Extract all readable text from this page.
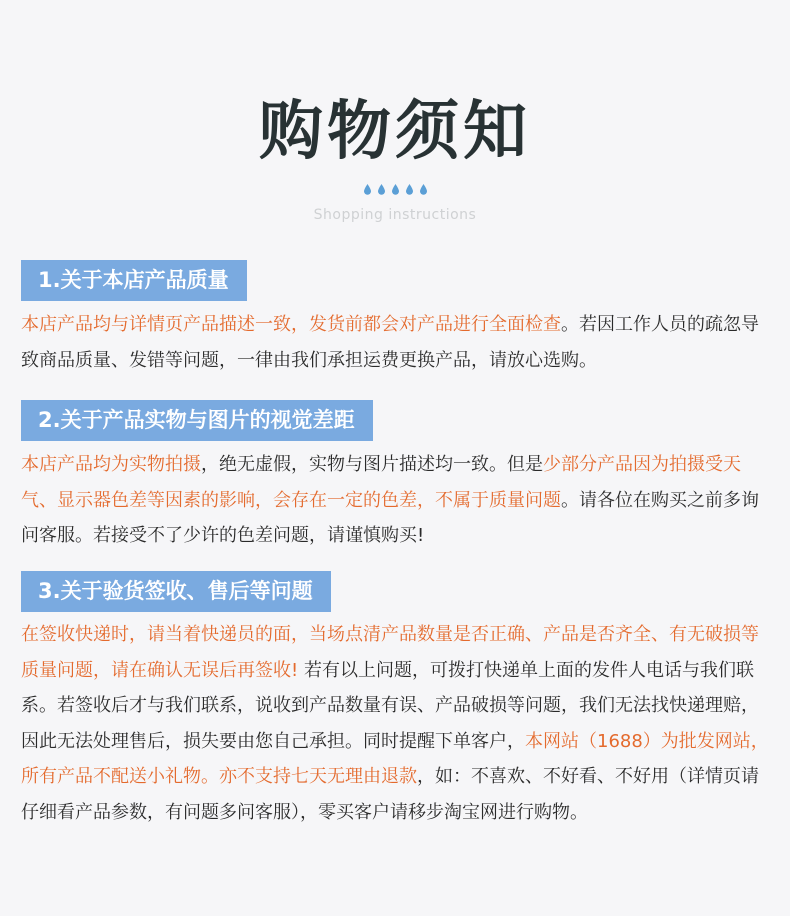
购物须知
Shopping instructions
1.关于本店产品质量
本店产品均与详情页产品描述一致，发货前都会对产品进行全面检查。若因工作人员的疏忽导致商品质量、发错等问题，一律由我们承担运费更换产品，请放心选购。
2.关于产品实物与图片的视觉差距
本店产品均为实物拍摄，绝无虚假，实物与图片描述均一致。但是少部分产品因为拍摄受天气、显示器色差等因素的影响，会存在一定的色差，不属于质量问题。请各位在购买之前多询问客服。若接受不了少许的色差问题，请谨慎购买!
3.关于验货签收、售后等问题
在签收快递时，请当着快递员的面，当场点清产品数量是否正确、产品是否齐全、有无破损等质量问题，请在确认无误后再签收! 若有以上问题，可拨打快递单上面的发件人电话与我们联系。若签收后才与我们联系，说收到产品数量有误、产品破损等问题，我们无法找快递理赔，因此无法处理售后，损失要由您自己承担。同时提醒下单客户，本网站（1688）为批发网站，所有产品不配送小礼物。亦不支持七天无理由退款，如：不喜欢、不好看、不好用（详情页请仔细看产品参数，有问题多问客服），零买客户请移步淘宝网进行购物。
